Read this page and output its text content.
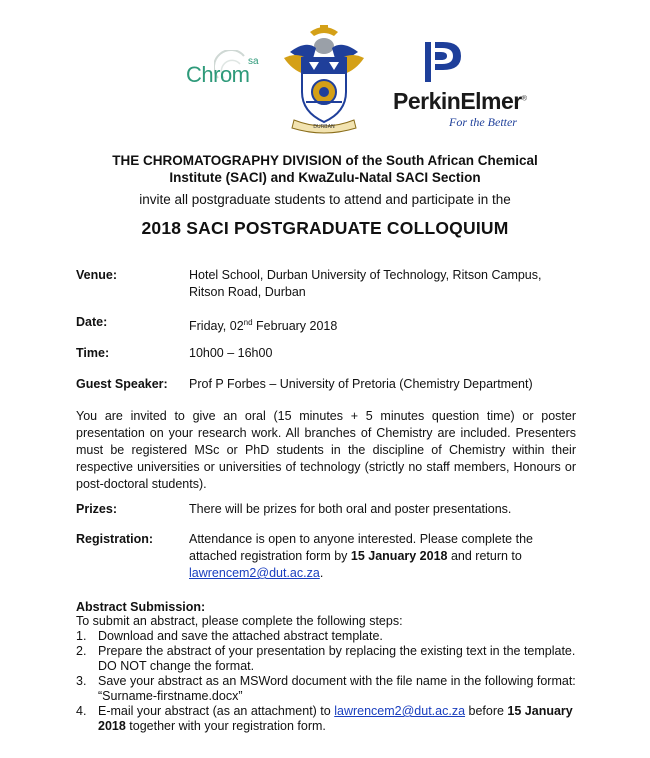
Chrom
sa
DURBAN
PerkinElmer®
For the Better
THE CHROMATOGRAPHY DIVISION of the South African Chemical
Institute (SACI) and KwaZulu-Natal SACI Section
invite all postgraduate students to attend and participate in the
2018 SACI POSTGRADUATE COLLOQUIUM
Venue:	Hotel School, Durban University of Technology, Ritson Campus,
Ritson Road, Durban
Date:	Friday, 02nd February 2018
Time:	10h00 – 16h00
Guest Speaker: Prof P Forbes – University of Pretoria (Chemistry Department)
You are invited to give an oral (15 minutes + 5 minutes question time) or poster presentation on your research work. All branches of Chemistry are included. Presenters must be registered MSc or PhD students in the discipline of Chemistry within their respective universities or universities of technology (strictly no staff members, Honours or post-doctoral students).
Prizes:	There will be prizes for both oral and poster presentations.
Registration:	Attendance is open to anyone interested. Please complete the attached registration form by 15 January 2018 and return to lawrencem2@dut.ac.za.
Abstract Submission:
To submit an abstract, please complete the following steps:
1. Download and save the attached abstract template.
2. Prepare the abstract of your presentation by replacing the existing text in the template. DO NOT change the format.
3. Save your abstract as an MSWord document with the file name in the following format: “Surname-firstname.docx”
4. E-mail your abstract (as an attachment) to lawrencem2@dut.ac.za before 15 January 2018 together with your registration form.
